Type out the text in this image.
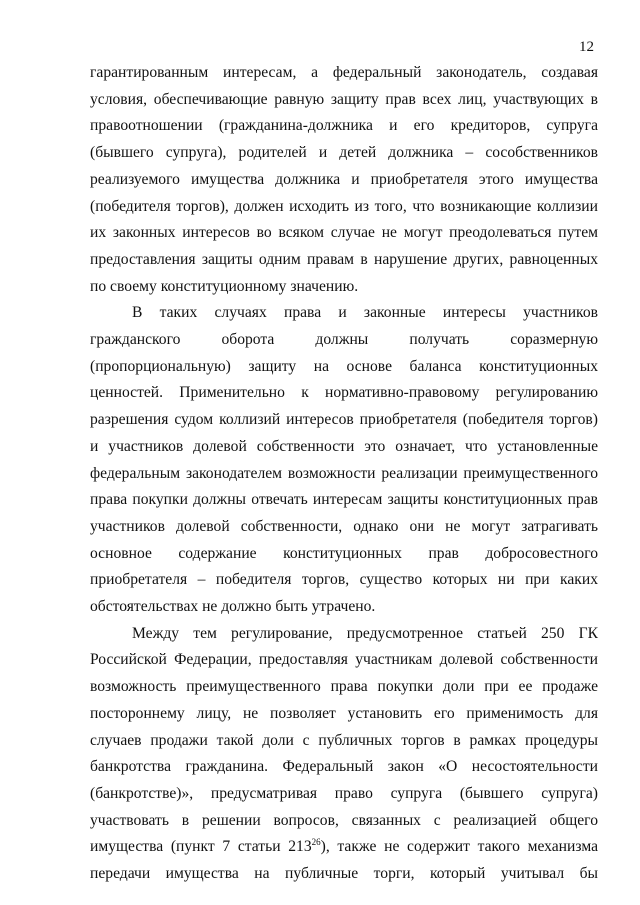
12

гарантированным интересам, а федеральный законодатель, создавая
условия, обеспечивающие равную защиту прав всех лиц, участвующих в
правоотношении (гражданина-должника и его кредиторов, супруга
(бывшего супруга), родителей и детей должника – сособственников
реализуемого имущества должника и приобретателя этого имущества
(победителя торгов), должен исходить из того, что возникающие коллизии
их законных интересов во всяком случае не могут преодолеваться путем
предоставления защиты одним правам в нарушение других, равноценных
по своему конституционному значению.

В таких случаях права и законные интересы участников
гражданского оборота должны получать соразмерную
(пропорциональную) защиту на основе баланса конституционных
ценностей. Применительно к нормативно-правовому регулированию
разрешения судом коллизий интересов приобретателя (победителя торгов)
и участников долевой собственности это означает, что установленные
федеральным законодателем возможности реализации преимущественного
права покупки должны отвечать интересам защиты конституционных прав
участников долевой собственности, однако они не могут затрагивать
основное содержание конституционных прав добросовестного
приобретателя – победителя торгов, существо которых ни при каких
обстоятельствах не должно быть утрачено.

Между тем регулирование, предусмотренное статьей 250 ГК
Российской Федерации, предоставляя участникам долевой собственности
возможность преимущественного права покупки доли при ее продаже
постороннему лицу, не позволяет установить его применимость для
случаев продажи такой доли с публичных торгов в рамках процедуры
банкротства гражданина. Федеральный закон «О несостоятельности
(банкротстве)», предусматривая право супруга (бывшего супруга)
участвовать в решении вопросов, связанных с реализацией общего
имущества (пункт 7 статьи $213^{26}$), также не содержит такого механизма
передачи имущества на публичные торги, который учитывал бы
